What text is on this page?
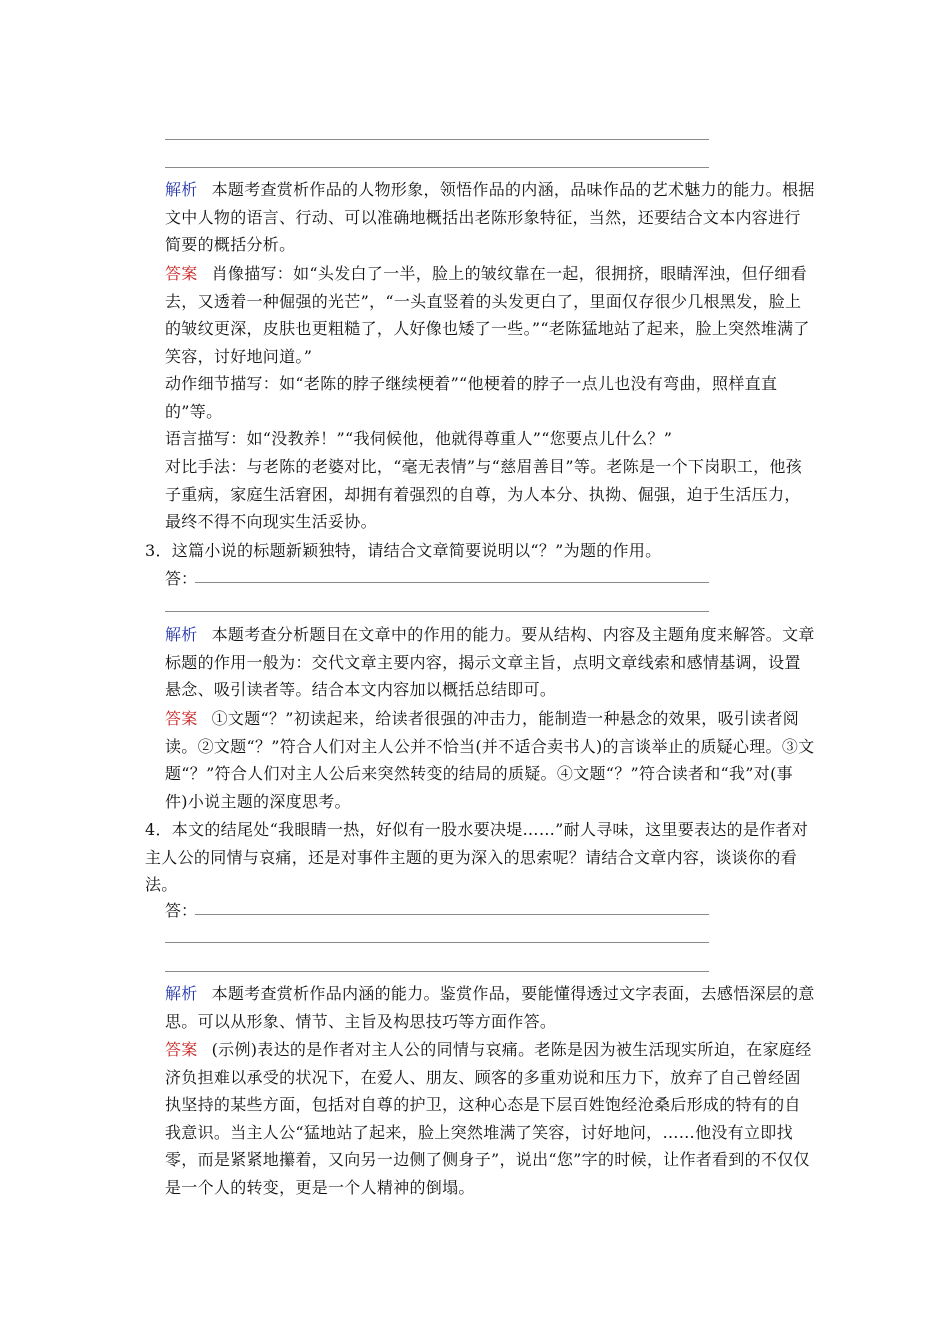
解析 本题考查赏析作品的人物形象，领悟作品的内涵，品味作品的艺术魅力的能力。根据文中人物的语言、行动、可以准确地概括出老陈形象特征，当然，还要结合文本内容进行简要的概括分析。
答案 肖像描写：如“头发白了一半，脸上的皱纹靠在一起，很拥挤，眼睛浑浊，但仔细看去，又透着一种倔强的光芒”，“一头直竖着的头发更白了，里面仅存很少几根黑发，脸上的皱纹更深，皮肤也更粗糙了，人好像也矮了一些。”“老陈猛地站了起来，脸上突然堆满了笑容，讨好地问道。”
动作细节描写：如“老陈的脖子继续梗着”“他梗着的脖子一点儿也没有弯曲，照样直直的”等。
语言描写：如“没教养！”“我伺候他，他就得尊重人”“您要点儿什么？”
对比手法：与老陈的老婆对比，“毫无表情”与“慈眉善目”等。老陈是一个下岗职工，他孩子重病，家庭生活窘困，却拥有着强烈的自尊，为人本分、执拗、倔强，迫于生活压力，最终不得不向现实生活妥协。
3．这篇小说的标题新颖独特，请结合文章简要说明以“？”为题的作用。
答：
解析 本题考查分析题目在文章中的作用的能力。要从结构、内容及主题角度来解答。文章标题的作用一般为：交代文章主要内容，揭示文章主旨，点明文章线索和感情基调，设置悬念、吸引读者等。结合本文内容加以概括总结即可。
答案 ①文题“？”初读起来，给读者很强的冲击力，能制造一种悬念的效果，吸引读者阅读。②文题“？”符合人们对主人公并不恰当(并不适合卖书人)的言谈举止的质疑心理。③文题“？”符合人们对主人公后来突然转变的结局的质疑。④文题“？”符合读者和“我”对(事件)小说主题的深度思考。
4．本文的结尾处“我眼睛一热，好似有一股水要决堤……”耐人寻味，这里要表达的是作者对主人公的同情与哀痛，还是对事件主题的更为深入的思索呢？请结合文章内容，谈谈你的看法。
答：
解析 本题考查赏析作品内涵的能力。鉴赏作品，要能懂得透过文字表面，去感悟深层的意思。可以从形象、情节、主旨及构思技巧等方面作答。
答案 (示例)表达的是作者对主人公的同情与哀痛。老陈是因为被生活现实所迫，在家庭经济负担难以承受的状况下，在爱人、朋友、顾客的多重劝说和压力下，放弃了自己曾经固执坚持的某些方面，包括对自尊的护卫，这种心态是下层百姓饱经沧桑后形成的特有的自我意识。当主人公“猛地站了起来，脸上突然堆满了笑容，讨好地问，……他没有立即找零，而是紧紧地攥着，又向另一边侧了侧身子”，说出“您”字的时候，让作者看到的不仅仅是一个人的转变，更是一个人精神的倒塌。
